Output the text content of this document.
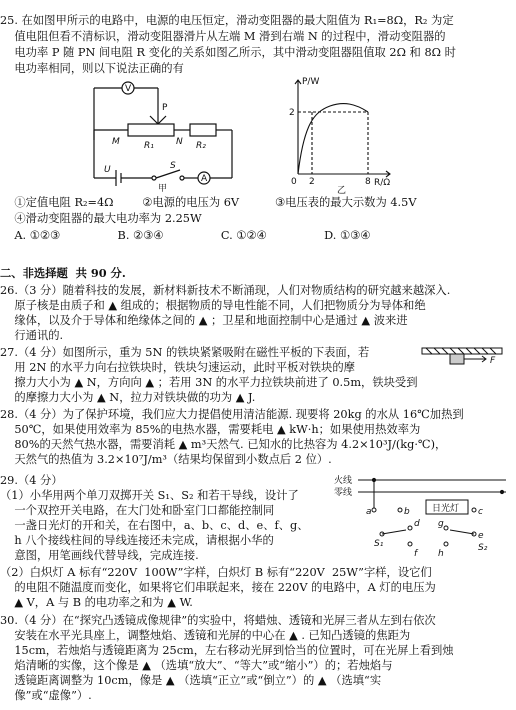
25. 在如图甲所示的电路中，电源的电压恒定，滑动变阻器的最大阻值为 R₁=8Ω，R₂ 为定
值电阻但看不清标识，滑动变阻器滑片从左端 M 滑到右端 N 的过程中，滑动变阻器的
电功率 P 随 PN 间电阻 R 变化的关系如图乙所示，其中滑动变阻器阻值取 2Ω 和 8Ω 时
电功率相同，则以下说法正确的有
V
P
M	R₁ N R₂
U	S
A
甲
P/W
R/Ω
0 2	8
2
乙
①定值电阻 R₂=4Ω        ②电源的电压为 6V          ③电压表的最大示数为 4.5V
④滑动变阻器的最大电功率为 2.25W
A. ①②③                B. ②③④                C. ①②④                D. ①③④
二、非选择题  共 90 分.
26.（3 分）随着科技的发展，新材料新技术不断涌现，人们对物质结构的研究越来越深入.
原子核是由质子和 ▲ 组成的；根据物质的导电性能不同，人们把物质分为导体和绝
缘体，以及介于导体和绝缘体之间的 ▲ ；卫星和地面控制中心是通过 ▲ 波来进
行通讯的.
27.（4 分）如图所示，重为 5N 的铁块紧紧吸附在磁性平板的下表面，若
用 2N 的水平力向右拉铁块时，铁块匀速运动，此时平板对铁块的摩
擦力大小为 ▲ N，方向向 ▲ ；若用 3N 的水平力拉铁块前进了 0.5m，铁块受到
的摩擦力大小为 ▲ N，拉力对铁块做的功为 ▲ J.
F
28.（4 分）为了保护环境，我们应大力提倡使用清洁能源. 现要将 20kg 的水从 16℃加热到
50℃，如果使用效率为 85%的电热水器，需要耗电 ▲ kW·h；如果使用热效率为
80%的天然气热水器，需要消耗 ▲ m³天然气. 已知水的比热容为 4.2×10³J/(kg·℃)，
天然气的热值为 3.2×10⁷J/m³（结果均保留到小数点后 2 位）.
29.（4 分）
（1）小华用两个单刀双掷开关 S₁、S₂ 和若干导线，设计了
一个双控开关电路，在大门处和卧室门口都能控制同
一盏日光灯的开和关，在右图中，a、b、c、d、e、f、g、
h 八个接线柱间的导线连接还未完成，请根据小华的
意图，用笔画线代替导线，完成连接.
火线
零线
日光灯
a	b	c
d
S₁
f
g
h
e
S₂
（2）白炽灯 A 标有“220V  100W”字样，白炽灯 B 标有“220V  25W”字样，设它们
的电阻不随温度而变化，如果将它们串联起来，接在 220V 的电路中，A 灯的电压为
▲ V，A 与 B 的电功率之和为 ▲ W.
30.（4 分）在“探究凸透镜成像规律”的实验中，将蜡烛、透镜和光屏三者从左到右依次
安装在水平光具座上，调整烛焰、透镜和光屏的中心在 ▲ . 已知凸透镜的焦距为
15cm，若烛焰与透镜距离为 25cm，左右移动光屏到恰当的位置时，可在光屏上看到烛
焰清晰的实像，这个像是 ▲ （选填“放大”、“等大”或“缩小”）的；若烛焰与
透镜距离调整为 10cm，像是 ▲ （选填“正立”或“倒立”）的 ▲ （选填“实
像”或“虚像”）.
